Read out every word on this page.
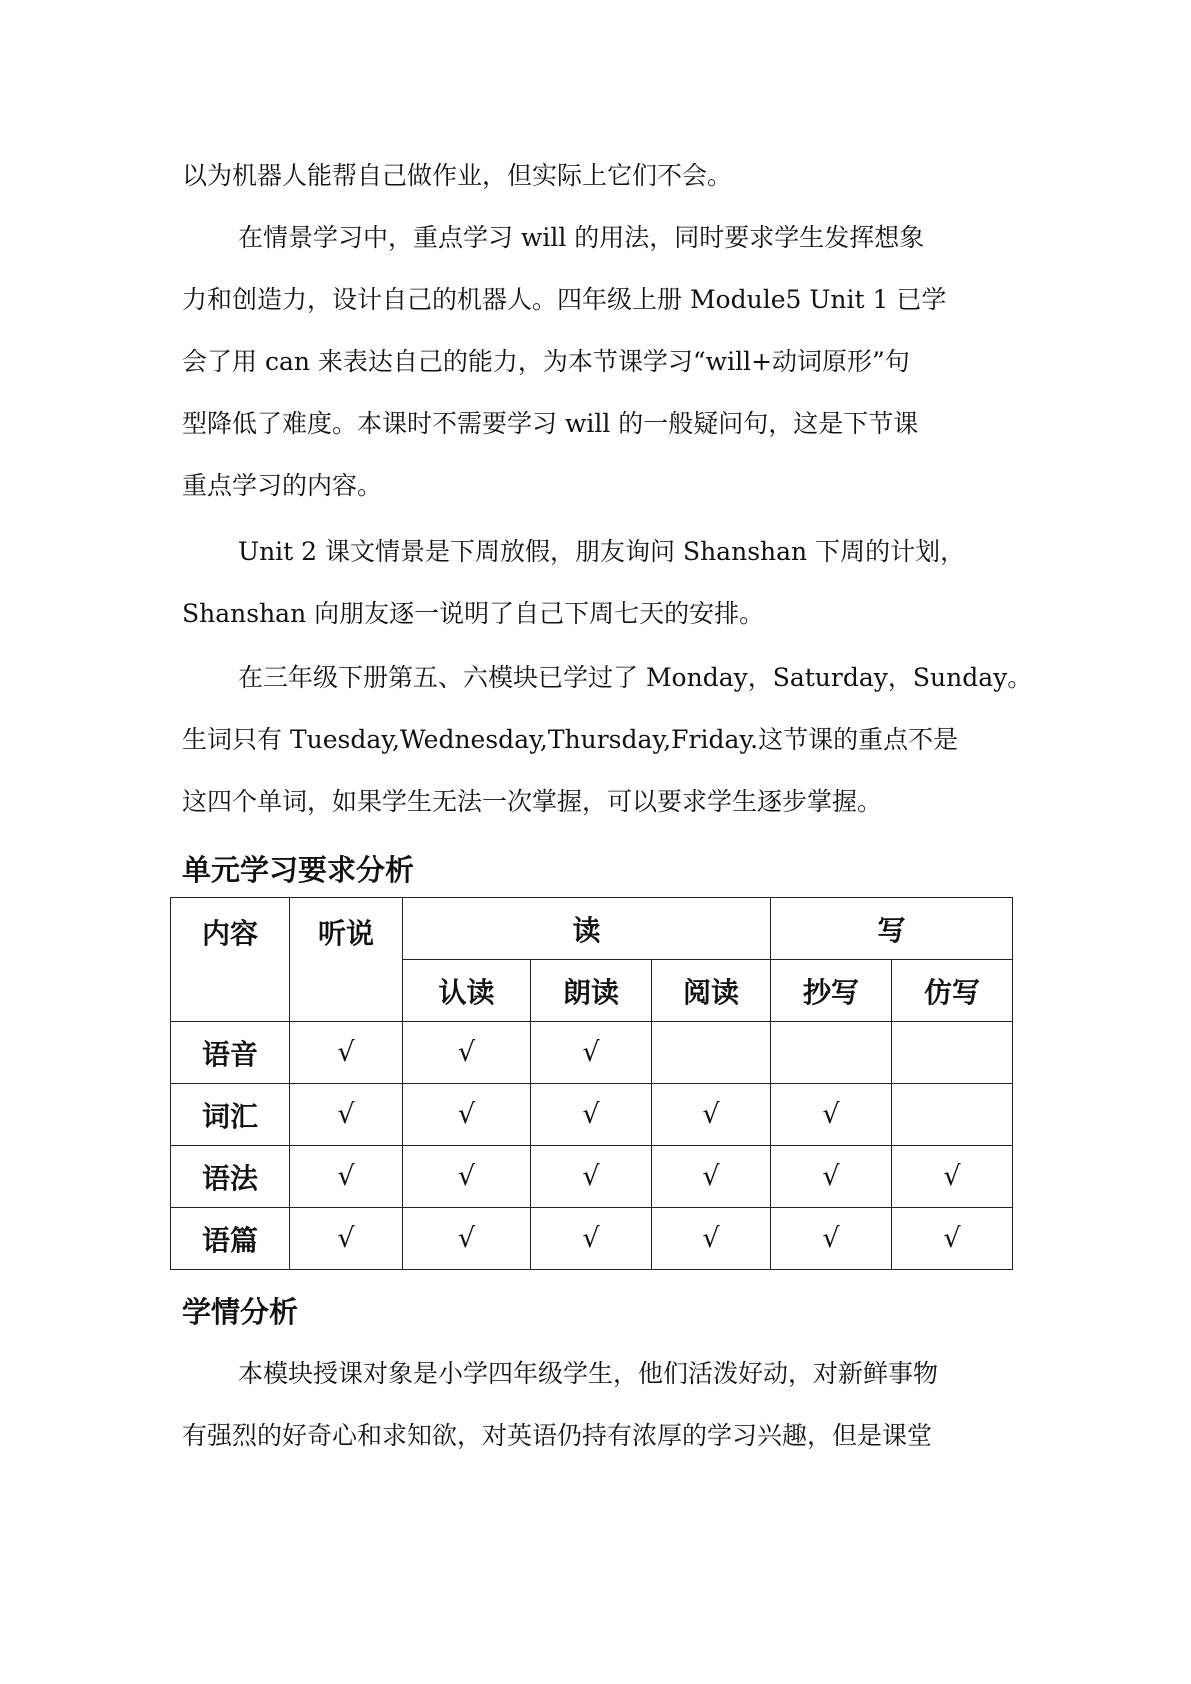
以为机器人能帮自己做作业，但实际上它们不会。
在情景学习中，重点学习 will 的用法，同时要求学生发挥想象
力和创造力，设计自己的机器人。四年级上册 Module5 Unit 1 已学
会了用 can 来表达自己的能力，为本节课学习“will+动词原形”句
型降低了难度。本课时不需要学习 will 的一般疑问句，这是下节课
重点学习的内容。
Unit 2 课文情景是下周放假，朋友询问 Shanshan 下周的计划，
Shanshan 向朋友逐一说明了自己下周七天的安排。
在三年级下册第五、六模块已学过了 Monday，Saturday，Sunday。
生词只有 Tuesday,Wednesday,Thursday,Friday.这节课的重点不是
这四个单词，如果学生无法一次掌握，可以要求学生逐步掌握。
单元学习要求分析
内容	听说	读			写	
		认读	朗读	阅读	抄写	仿写
语音	√	√	√			
词汇	√	√	√	√	√	
语法	√	√	√	√	√	√
语篇	√	√	√	√	√	√
学情分析
本模块授课对象是小学四年级学生，他们活泼好动，对新鲜事物
有强烈的好奇心和求知欲，对英语仍持有浓厚的学习兴趣，但是课堂
